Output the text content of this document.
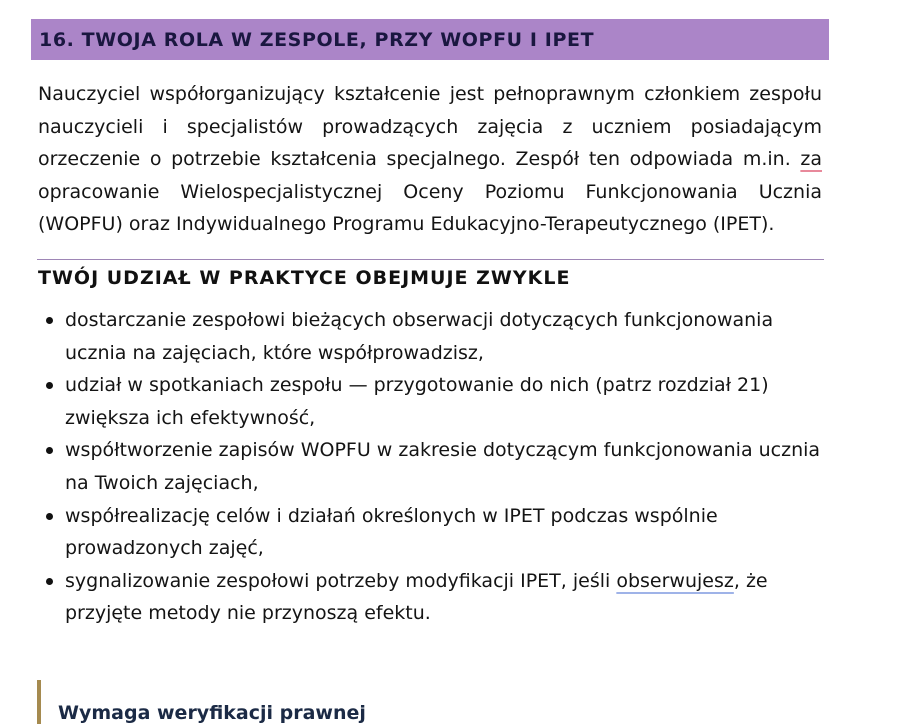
16. TWOJA ROLA W ZESPOLE, PRZY WOPFU I IPET

Nauczyciel współorganizujący kształcenie jest pełnoprawnym członkiem zespołu nauczycieli i specjalistów prowadzących zajęcia z uczniem posiadającym orzeczenie o potrzebie kształcenia specjalnego. Zespół ten odpowiada m.in. za opracowanie Wielospecjalistycznej Oceny Poziomu Funkcjonowania Ucznia (WOPFU) oraz Indywidualnego Programu Edukacyjno-Terapeutycznego (IPET).

TWÓJ UDZIAŁ W PRAKTYCE OBEJMUJE ZWYKLE
dostarczanie zespołowi bieżących obserwacji dotyczących funkcjonowania ucznia na zajęciach, które współprowadzisz,
udział w spotkaniach zespołu — przygotowanie do nich (patrz rozdział 21) zwiększa ich efektywność,
współtworzenie zapisów WOPFU w zakresie dotyczącym funkcjonowania ucznia na Twoich zajęciach,
współrealizację celów i działań określonych w IPET podczas wspólnie prowadzonych zajęć,
sygnalizowanie zespołowi potrzeby modyfikacji IPET, jeśli obserwujesz, że przyjęte metody nie przynoszą efektu.
Wymaga weryfikacji prawnej
